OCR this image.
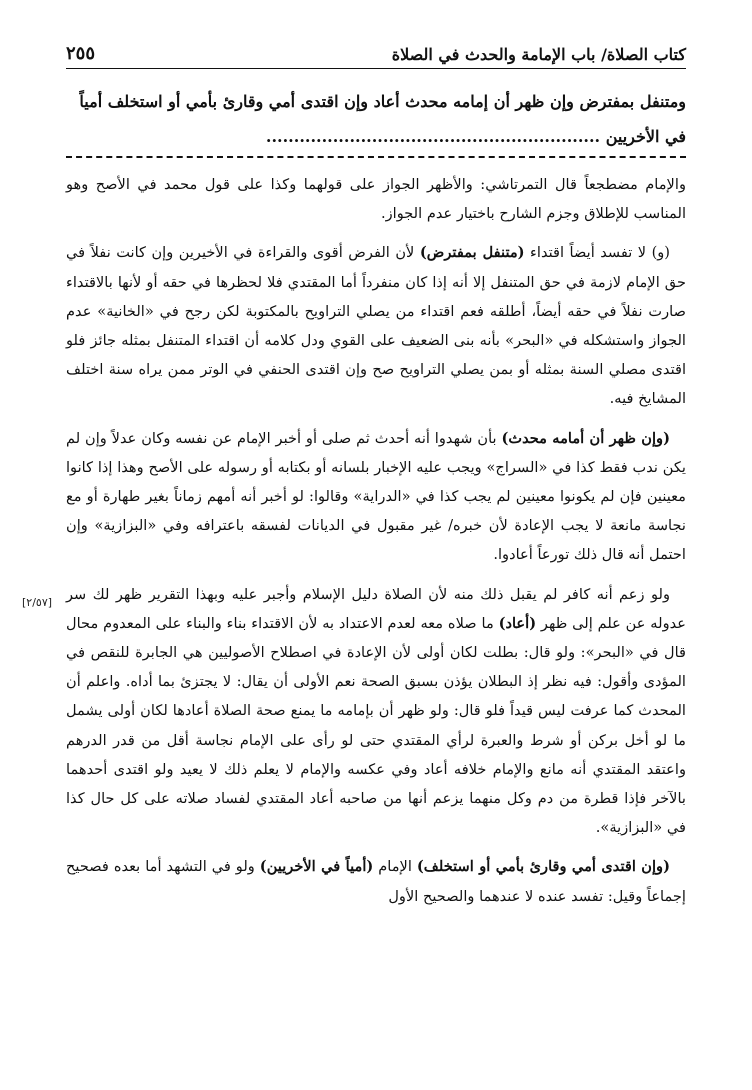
كتاب الصلاة/ باب الإمامة والحدث في الصلاة
٢٥٥

ومتنفل بمفترض وإن ظهر أن إمامه محدث أعاد وإن اقتدى أمي وقارئ بأمي أو استخلف أمياً

في الأخريين ............................................................

[٢/٥٧]

والإمام مضطجعاً قال التمرتاشي: والأظهر الجواز على قولهما وكذا على قول محمد في الأصح وهو المناسب للإطلاق وجزم الشارح باختيار عدم الجواز.

(و) لا تفسد أيضاً اقتداء (متنفل بمفترض) لأن الفرض أقوى والقراءة في الأخيرين وإن كانت نفلاً في حق الإمام لازمة في حق المتنفل إلا أنه إذا كان منفرداً أما المقتدي فلا لحظرها في حقه أو لأنها بالاقتداء صارت نفلاً في حقه أيضاً، أطلقه فعم اقتداء من يصلي التراويح بالمكتوبة لكن رجح في «الخانية» عدم الجواز واستشكله في «البحر» بأنه بنى الضعيف على القوي ودل كلامه أن اقتداء المتنفل بمثله جائز فلو اقتدى مصلي السنة بمثله أو بمن يصلي التراويح صح وإن اقتدى الحنفي في الوتر ممن يراه سنة اختلف المشايخ فيه.

(وإن ظهر أن أمامه محدث) بأن شهدوا أنه أحدث ثم صلى أو أخبر الإمام عن نفسه وكان عدلاً وإن لم يكن ندب فقط كذا في «السراج» ويجب عليه الإخبار بلسانه أو بكتابه أو رسوله على الأصح وهذا إذا كانوا معينين فإن لم يكونوا معينين لم يجب كذا في «الدراية» وقالوا: لو أخبر أنه أمهم زماناً بغير طهارة أو مع نجاسة مانعة لا يجب الإعادة لأن خبره/ غير مقبول في الديانات لفسقه باعترافه وفي «البزازية» وإن احتمل أنه قال ذلك تورعاً أعادوا.

ولو زعم أنه كافر لم يقبل ذلك منه لأن الصلاة دليل الإسلام وأجبر عليه وبهذا التقرير ظهر لك سر عدوله عن علم إلى ظهر (أعاد) ما صلاه معه لعدم الاعتداد به لأن الاقتداء بناء والبناء على المعدوم محال قال في «البحر»: ولو قال: بطلت لكان أولى لأن الإعادة في اصطلاح الأصوليين هي الجابرة للنقص في المؤدى وأقول: فيه نظر إذ البطلان يؤذن بسبق الصحة نعم الأولى أن يقال: لا يجتزئ بما أداه. واعلم أن المحدث كما عرفت ليس قيداً فلو قال: ولو ظهر أن بإمامه ما يمنع صحة الصلاة أعادها لكان أولى يشمل ما لو أخل بركن أو شرط والعبرة لرأي المقتدي حتى لو رأى على الإمام نجاسة أقل من قدر الدرهم واعتقد المقتدي أنه مانع والإمام خلافه أعاد وفي عكسه والإمام لا يعلم ذلك لا يعيد ولو اقتدى أحدهما بالآخر فإذا قطرة من دم وكل منهما يزعم أنها من صاحبه أعاد المقتدي لفساد صلاته على كل حال كذا في «البزازية».

(وإن اقتدى أمي وقارئ بأمي أو استخلف) الإمام (أمياً في الأخريين) ولو في التشهد أما بعده فصحيح إجماعاً وقيل: تفسد عنده لا عندهما والصحيح الأول
